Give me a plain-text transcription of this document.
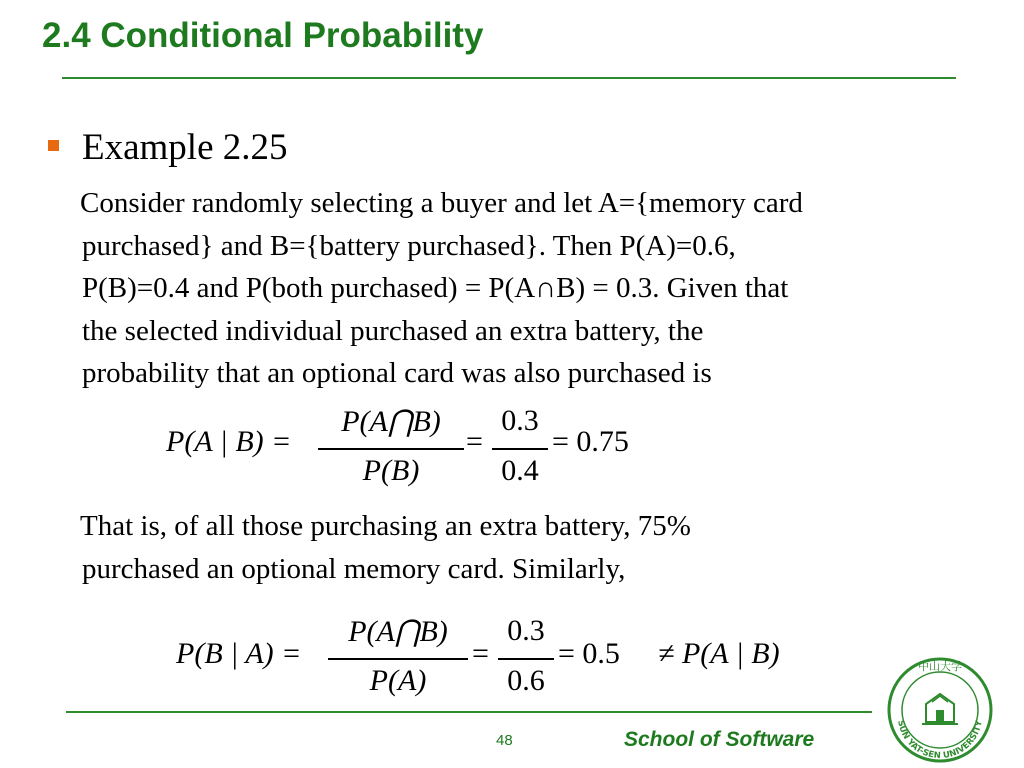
2.4 Conditional Probability
Example 2.25
Consider randomly selecting a buyer and let A={memory card
purchased} and B={battery purchased}. Then P(A)=0.6,
P(B)=0.4 and P(both purchased) = P(A∩B) = 0.3. Given that
the selected individual purchased an extra battery, the
probability that an optional card was also purchased is
P(A | B) =
P(A⋂B)
P(B)
=
0.3
0.4
= 0.75
That is, of all those purchasing an extra battery, 75%
purchased an optional memory card. Similarly,
P(B | A) =
P(A⋂B)
P(A)
=
0.3
0.6
= 0.5 ≠ P(A | B)
48	School of Software
中山大学
SUN YAT-SEN UNIVERSITY
